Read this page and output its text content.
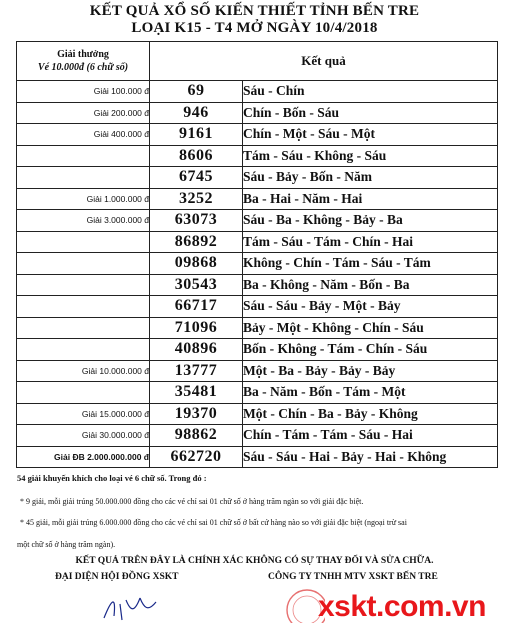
KẾT QUẢ XỔ SỐ KIẾN THIẾT TỈNH BẾN TRE
LOẠI K15 - T4 MỞ NGÀY 10/4/2018
Giải thưởng
Vé 10.000đ (6 chữ số)	Kết quả	
Giải 100.000 đ	69	Sáu - Chín
Giải 200.000 đ	946	Chín - Bốn - Sáu
Giải 400.000 đ	9161	Chín - Một - Sáu - Một
	8606	Tám - Sáu - Không - Sáu
	6745	Sáu - Bảy - Bốn - Năm
Giải 1.000.000 đ	3252	Ba - Hai - Năm - Hai
Giải 3.000.000 đ	63073	Sáu - Ba - Không - Bảy - Ba
	86892	Tám - Sáu - Tám - Chín - Hai
	09868	Không - Chín - Tám - Sáu - Tám
	30543	Ba - Không - Năm - Bốn - Ba
	66717	Sáu - Sáu - Bảy - Một - Bảy
	71096	Bảy - Một - Không - Chín - Sáu
	40896	Bốn - Không - Tám - Chín - Sáu
Giải 10.000.000 đ	13777	Một - Ba - Bảy - Bảy - Bảy
	35481	Ba - Năm - Bốn - Tám - Một
Giải 15.000.000 đ	19370	Một - Chín - Ba - Bảy - Không
Giải 30.000.000 đ	98862	Chín - Tám - Tám - Sáu - Hai
Giải ĐB 2.000.000.000 đ	662720	Sáu - Sáu - Hai - Bảy - Hai - Không
54 giải khuyến khích cho loại vé 6 chữ số. Trong đó :
* 9 giải, mỗi giải trúng 50.000.000 đồng cho các vé chỉ sai 01 chữ số ở hàng trăm ngàn so với giải đặc biệt.
* 45 giải, mỗi giải trúng 6.000.000 đồng cho các vé chỉ sai 01 chữ số ở bất cứ hàng nào so với giải đặc biệt (ngoại trừ sai
một chữ số ở hàng trăm ngàn).
KẾT QUẢ TRÊN ĐÂY LÀ CHÍNH XÁC KHÔNG CÓ SỰ THAY ĐỔI VÀ SỬA CHỮA.
ĐẠI DIỆN HỘI ĐỒNG XSKT	CÔNG TY TNHH MTV XSKT BẾN TRE
xskt.com.vn
